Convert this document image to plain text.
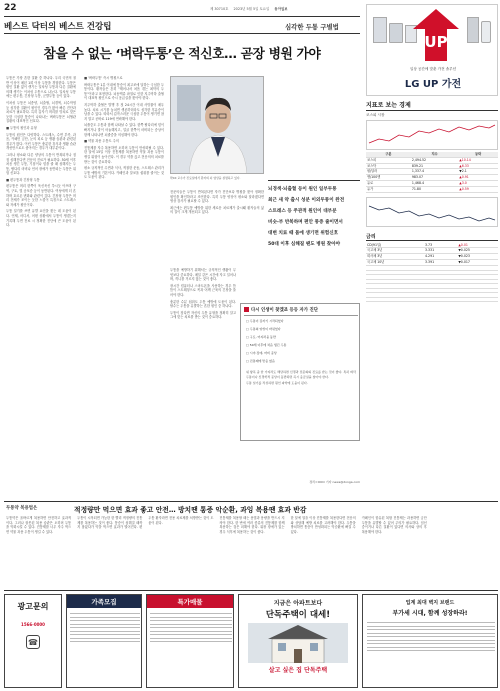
22	제 30710호 2023년 5월 5일 토요일 동아일보
베스트 닥터의 베스트 건강팁	심각한 두통 구별법
UP
일상 공간에 맞춘 가전 솔루션
LG UP 가전
참을 수 없는 ‘벼락두통’은 적신호… 곧장 병원 가야

두통은 가장 흔한 질환 중 하나다. 우리 국민의 절반 이상이 매년 1회 이상 두통을 경험한다. 두통은 원인 질환 없이 생기는 일차성 두통과 다른 질환에 의해 생기는 이차성 두통으로 나눈다. 일차성 두통에는 편두통, 긴장형 두통, 군발두통 등이 있다.

이차성 두통은 뇌종양, 뇌출혈, 뇌경색, 뇌수막염 등 심각한 질환이 원인인 경우가 많아 빠른 진단과 치료가 필요하다. 특히 갑자기 머리를 망치로 맞은 듯한 극심한 통증이 나타나는 벼락두통은 뇌혈관 질환의 대표적인 신호다.

■ 두통의 원인과 유형

두통의 원인은 다양하다. 스트레스, 수면 부족, 과음, 카페인 금단, 눈의 피로 등 생활 습관과 관련된 경우가 많다. 이런 두통은 충분한 휴식과 생활 습관 개선만으로도 좋아지는 경우가 대부분이다.

그러나 평소와 다른 양상의 두통이 반복되거나 점점 심해진다면 전문의 진료가 필요하다. 50세 이후 처음 생긴 두통, 기침이나 힘을 줄 때 심해지는 두통, 팔다리 마비나 언어 장애가 동반되는 두통은 위험 신호다.

■ 편두통과 긴장형 두통

편두통은 머리 한쪽이 욱신욱신 쑤시듯 아프며 구역, 구토, 빛 공포증 등이 동반된다. 여성에게 더 흔하며 호르몬 변화와 관련이 깊다. 긴장형 두통은 머리 전체가 조이는 듯한 느낌이 특징으로 스트레스와 자세가 원인이다.

두통 일기를 쓰면 유발 요인을 찾는 데 도움이 된다. 언제, 어디서, 어떤 상황에서 두통이 생겼는지 기록해 두면 진료 시 정확한 진단에 큰 도움이 된다.

박XX 교수가 진료실에서 환자의 뇌 영상을 설명하고 있다.

■ '벼락두통' 즉시 병원으로

벼락두통은 1분 이내에 통증이 최고조에 달하는 극심한 두통이다. 환자들은 흔히 "태어나서 처음 겪는 최악의 두통"이라고 표현한다. 뇌동맥류 파열로 인한 지주막하 출혈이 대표적 원인으로 즉시 응급실을 찾아야 한다.

지주막하 출혈은 발병 후 첫 24시간 이내 사망률이 매우 높다. 치료 시기를 놓치면 생존하더라도 심각한 후유증이 남을 수 있다. 따라서 갑작스러운 극심한 두통이 생기면 참지 말고 곧바로 119에 연락해야 한다.

뇌졸중도 두통과 함께 나타날 수 있다. 한쪽 팔다리에 힘이 빠지거나 말이 어눌해지고, 얼굴 한쪽이 마비되는 증상이 함께 나타나면 뇌졸중을 의심해야 한다.

■ 약물 과용 두통도 주의

진통제를 자주 복용하면 오히려 두통이 만성화될 수 있다. 한 달에 15일 이상 진통제를 복용하면 약물 과용 두통이 생길 위험이 높아진다. 이 경우 약을 끊고 전문의의 치료를 받는 것이 중요하다.

평소 규칙적인 수면과 식사, 적절한 운동, 스트레스 관리가 두통 예방의 기본이다. 카페인과 알코올 섭취를 줄이는 것도 도움이 된다.

전문의들은 두통이 반복된다면 자가 진단보다 병원을 찾아 정확한 원인을 확인하라고 조언한다. 특히 두통 양상이 평소와 달라졌다면 영상 검사가 필요할 수 있다.

최근에는 편두통 예방을 위한 새로운 치료제가 출시돼 환자들의 삶의 질이 크게 개선되고 있다.

뇌경색·뇌출혈 등이 원인 일부두통
최근 새 약 출시 성분 이외두통이 완전
스트레스 등 주관적 원인이 대부분
비슷-부 반복하며 편안 통증 줄이면서
대변 치료 때 몸에 생기면 위험신호
50대 이후 심해질 땐도 병원 찾아야
다시 인생이 찾겠죠 등등 자가 진단
□ 두통이 갑자기 시작되었다
□ 두통의 양상이 바뀌었다
□ 구토, 어지러움 동반
□ 50세 이후에 처음 생긴 두통
□ 시야 장애, 마비 증상
□ 진통제에 반응 없음

위 항목 중 한 가지라도 해당하면 신경과 전문의의 진료를 받는 것이 좋다. 특히 벼락두통이나 신경학적 증상이 동반되면 즉시 응급실을 찾아야 한다.

두통 일기를 작성하면 원인 파악에 도움이 된다.

두통을 예방하기 위해서는 규칙적인 생활이 무엇보다 중요하다. 매일 같은 시간에 자고 일어나며, 끼니를 거르지 않는 것이 좋다.

장시간 컴퓨터나 스마트폰을 사용하는 경우 틈틈이 스트레칭으로 목과 어깨 근육의 긴장을 풀어야 한다.

충분한 수분 섭취도 두통 예방에 도움이 된다. 탈수는 두통을 유발하는 흔한 원인 중 하나다.

두통이 잦다면 자신의 두통 유형을 정확히 알고 그에 맞는 치료를 받는 것이 중요하다.

정리=OOO 기자 news@donga.com
지표로 보는 경제
코스피 시장
구분	지수	등락
코스피	2,494.52	▲10.14
코스닥	839.21	▲6.33
원/달러	1,337.4	▼2.1
엔/100엔	983.07	▲0.91
유로	1,468.4	▲3.0
유가	71.80	▲0.59
금리
CD(91일)	3.73	▲0.01
국고채 3년	3.331	▼0.025
회사채 3년	4.291	▼0.023
국고채 10년	3.391	▼0.017
두통약 복용법은	적정량만 먹으면 효과 좋고 안전… 방치땐 통증 악순환, 과잉 복용땐 효과 반감

두통약은 올바르게 복용하면 안전하고 효과적이다. 그러나 잘못된 복용 습관은 오히려 두통을 악화시킬 수 있다. 진통제를 너무 자주 먹으면 약물 과용 두통이 생길 수 있다.

두통이 시작되면 가능한 한 빨리 적정량의 진통제를 복용하는 것이 좋다. 통증이 심해질 때까지 참았다가 약을 먹으면 효과가 떨어진다. 편두통 환자라면 전용 치료제를 처방받는 것이 도움이 된다.

진통제를 복용할 때는 용법과 용량을 반드시 지켜야 한다. 한 번에 여러 종류의 진통제를 함께 복용하는 것은 피해야 한다. 위장 장애가 있는 경우 식후에 복용하는 것이 좋다.

한 달에 열흘 이상 진통제를 복용한다면 전문의와 상담해 예방 치료를 고려해야 한다. 두통을 방치하면 통증이 만성화되는 악순환에 빠질 수 있다.

카페인이 함유된 복합 진통제는 과용하면 금단 두통을 유발할 수 있어 주의가 필요하다. 임신 중이거나 다른 질환이 있다면 의사와 상의 후 복용해야 한다.

광고문의
1566-0000
☎
가족모집	특가매물	지금은 아파트보다
단독주택이 대세!
살고 싶은 집 단독주택
업계 최대 벽지 브랜드
부가세 시대, 함께 성장하라!
